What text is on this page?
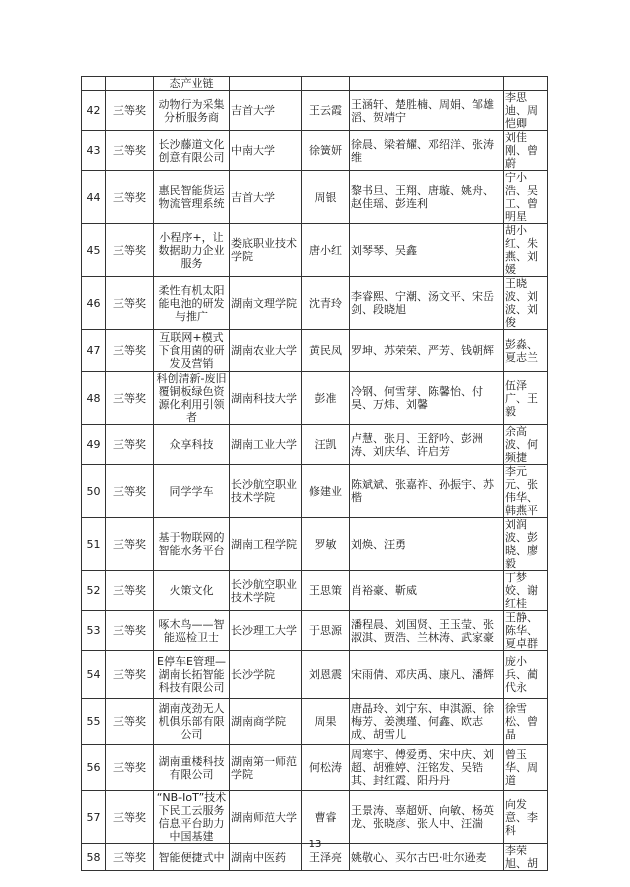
		态产业链				
42	三等奖	动物行为采集分析服务商	吉首大学	王云霞	王涵轩、楚胜楠、周娟、邹雄滔、贺靖宁	李思迪、周恺卿
43	三等奖	长沙藤道文化创意有限公司	中南大学	徐簧妍	徐晨、梁着耀、邓绍洋、张涛维	刘佳刚、曾蔚
44	三等奖	惠民智能货运物流管理系统	吉首大学	周银	黎书旦、王翔、唐璇、姚舟、赵佳瑶、彭连利	宁小浩、吴工、曾明星
45	三等奖	小程序+，让数据助力企业服务	娄底职业技术学院	唐小红	刘琴琴、吴鑫	胡小红、朱燕、刘媛
46	三等奖	柔性有机太阳能电池的研发与推广	湖南文理学院	沈青玲	李睿熙、宁潮、汤文平、宋岳剑、段晓旭	王晓波、刘波、刘俊
47	三等奖	互联网+模式下食用菌的研发及营销	湖南农业大学	黄民凤	罗坤、苏荣荣、严芳、钱朝辉	彭淼、夏志兰
48	三等奖	科创清新-废旧覆铜板绿色资源化利用引领者	湖南科技大学	彭准	冷钢、何雪芽、陈馨怡、付昊、万炜、刘馨	伍泽广、王毅
49	三等奖	众享科技	湖南工业大学	汪凯	卢慧、张月、王舒吟、彭洲涛、刘庆华、许启芳	余高波、何频捷
50	三等奖	同学学车	长沙航空职业技术学院	修建业	陈斌斌、张嘉祚、孙振宇、苏楷	李元元、张伟华、韩燕平
51	三等奖	基于物联网的智能水务平台	湖南工程学院	罗敏	刘焕、汪勇	刘润波、彭晓、廖毅
52	三等奖	火策文化	长沙航空职业技术学院	王思策	肖裕豪、靳威	丁梦姣、谢红桂
53	三等奖	啄木鸟——智能巡检卫士	长沙理工大学	于思源	潘程晨、刘国贤、王玉莹、张淑淇、贾浩、兰林涛、武家豪	王静、陈华、夏卓群
54	三等奖	E停车E管理—湖南长拓智能科技有限公司	长沙学院	刘恩震	宋雨倩、邓庆禹、康凡、潘辉	庞小兵、蔺代永
55	三等奖	湖南茂劲无人机俱乐部有限公司	湖南商学院	周果	唐晶玲、刘宁东、申淇源、徐梅芳、姜澳瑾、何鑫、欧志成、胡雪儿	徐雪松、曾晶
56	三等奖	湖南重楼科技有限公司	湖南第一师范学院	何松涛	周寒宇、傅爱勇、宋中庆、刘超、胡雅婷、汪铭发、吴锆其、封红霞、阳丹丹	曾玉华、周道
57	三等奖	“NB-IoT”技术下民工云服务信息平台助力中国基建	湖南师范大学	曹睿	王景涛、辜超妍、向敏、杨英龙、张晓彦、张人中、汪湍	向发意、李科
58	三等奖	智能便捷式中	湖南中医药	王泽亮	姚敬心、买尔古巴·吐尔逊麦	李荣旭、胡
13
